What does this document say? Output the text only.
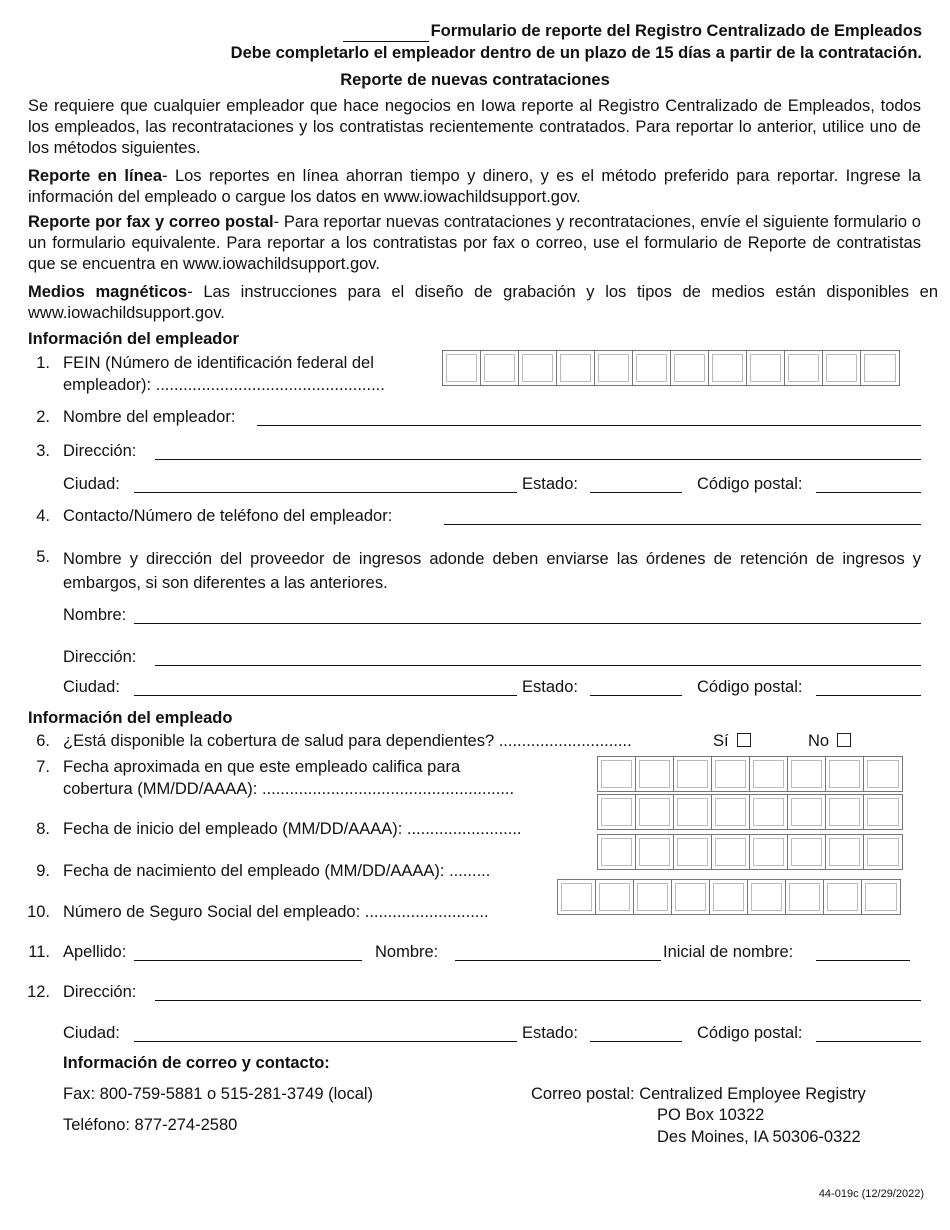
Formulario de reporte del Registro Centralizado de Empleados
Debe completarlo el empleador dentro de un plazo de 15 días a partir de la contratación.
Reporte de nuevas contrataciones
Se requiere que cualquier empleador que hace negocios en Iowa reporte al Registro Centralizado de Empleados, todos los empleados, las recontrataciones y los contratistas recientemente contratados. Para reportar lo anterior, utilice uno de los métodos siguientes.
Reporte en línea- Los reportes en línea ahorran tiempo y dinero, y es el método preferido para reportar. Ingrese la información del empleado o cargue los datos en www.iowachildsupport.gov.
Reporte por fax y correo postal- Para reportar nuevas contrataciones y recontrataciones, envíe el siguiente formulario o un formulario equivalente. Para reportar a los contratistas por fax o correo, use el formulario de Reporte de contratistas que se encuentra en www.iowachildsupport.gov.
Medios magnéticos- Las instrucciones para el diseño de grabación y los tipos de medios están disponibles en www.iowachildsupport.gov.
Información del empleador
1. FEIN (Número de identificación federal del
empleador): ..................................................
2. Nombre del empleador:
3. Dirección:
Ciudad:	Estado:	Código postal:
4. Contacto/Número de teléfono del empleador:
5. Nombre y dirección del proveedor de ingresos adonde deben enviarse las órdenes de retención de ingresos y embargos, si son diferentes a las anteriores.
Nombre:
Dirección:
Ciudad:	Estado:	Código postal:
Información del empleado
6. ¿Está disponible la cobertura de salud para dependientes? .............................	Sí	No
7. Fecha aproximada en que este empleado califica para
cobertura (MM/DD/AAAA): .......................................................
8. Fecha de inicio del empleado (MM/DD/AAAA): .........................
9. Fecha de nacimiento del empleado (MM/DD/AAAA): .........
10. Número de Seguro Social del empleado: ...........................
11. Apellido:	Nombre:	Inicial de nombre:
12. Dirección:
Ciudad:	Estado:	Código postal:
Información de correo y contacto:
Fax: 800-759-5881 o 515-281-3749 (local)
Teléfono: 877-274-2580
Correo postal: Centralized Employee Registry
PO Box 10322
Des Moines, IA 50306-0322
44-019c (12/29/2022)
